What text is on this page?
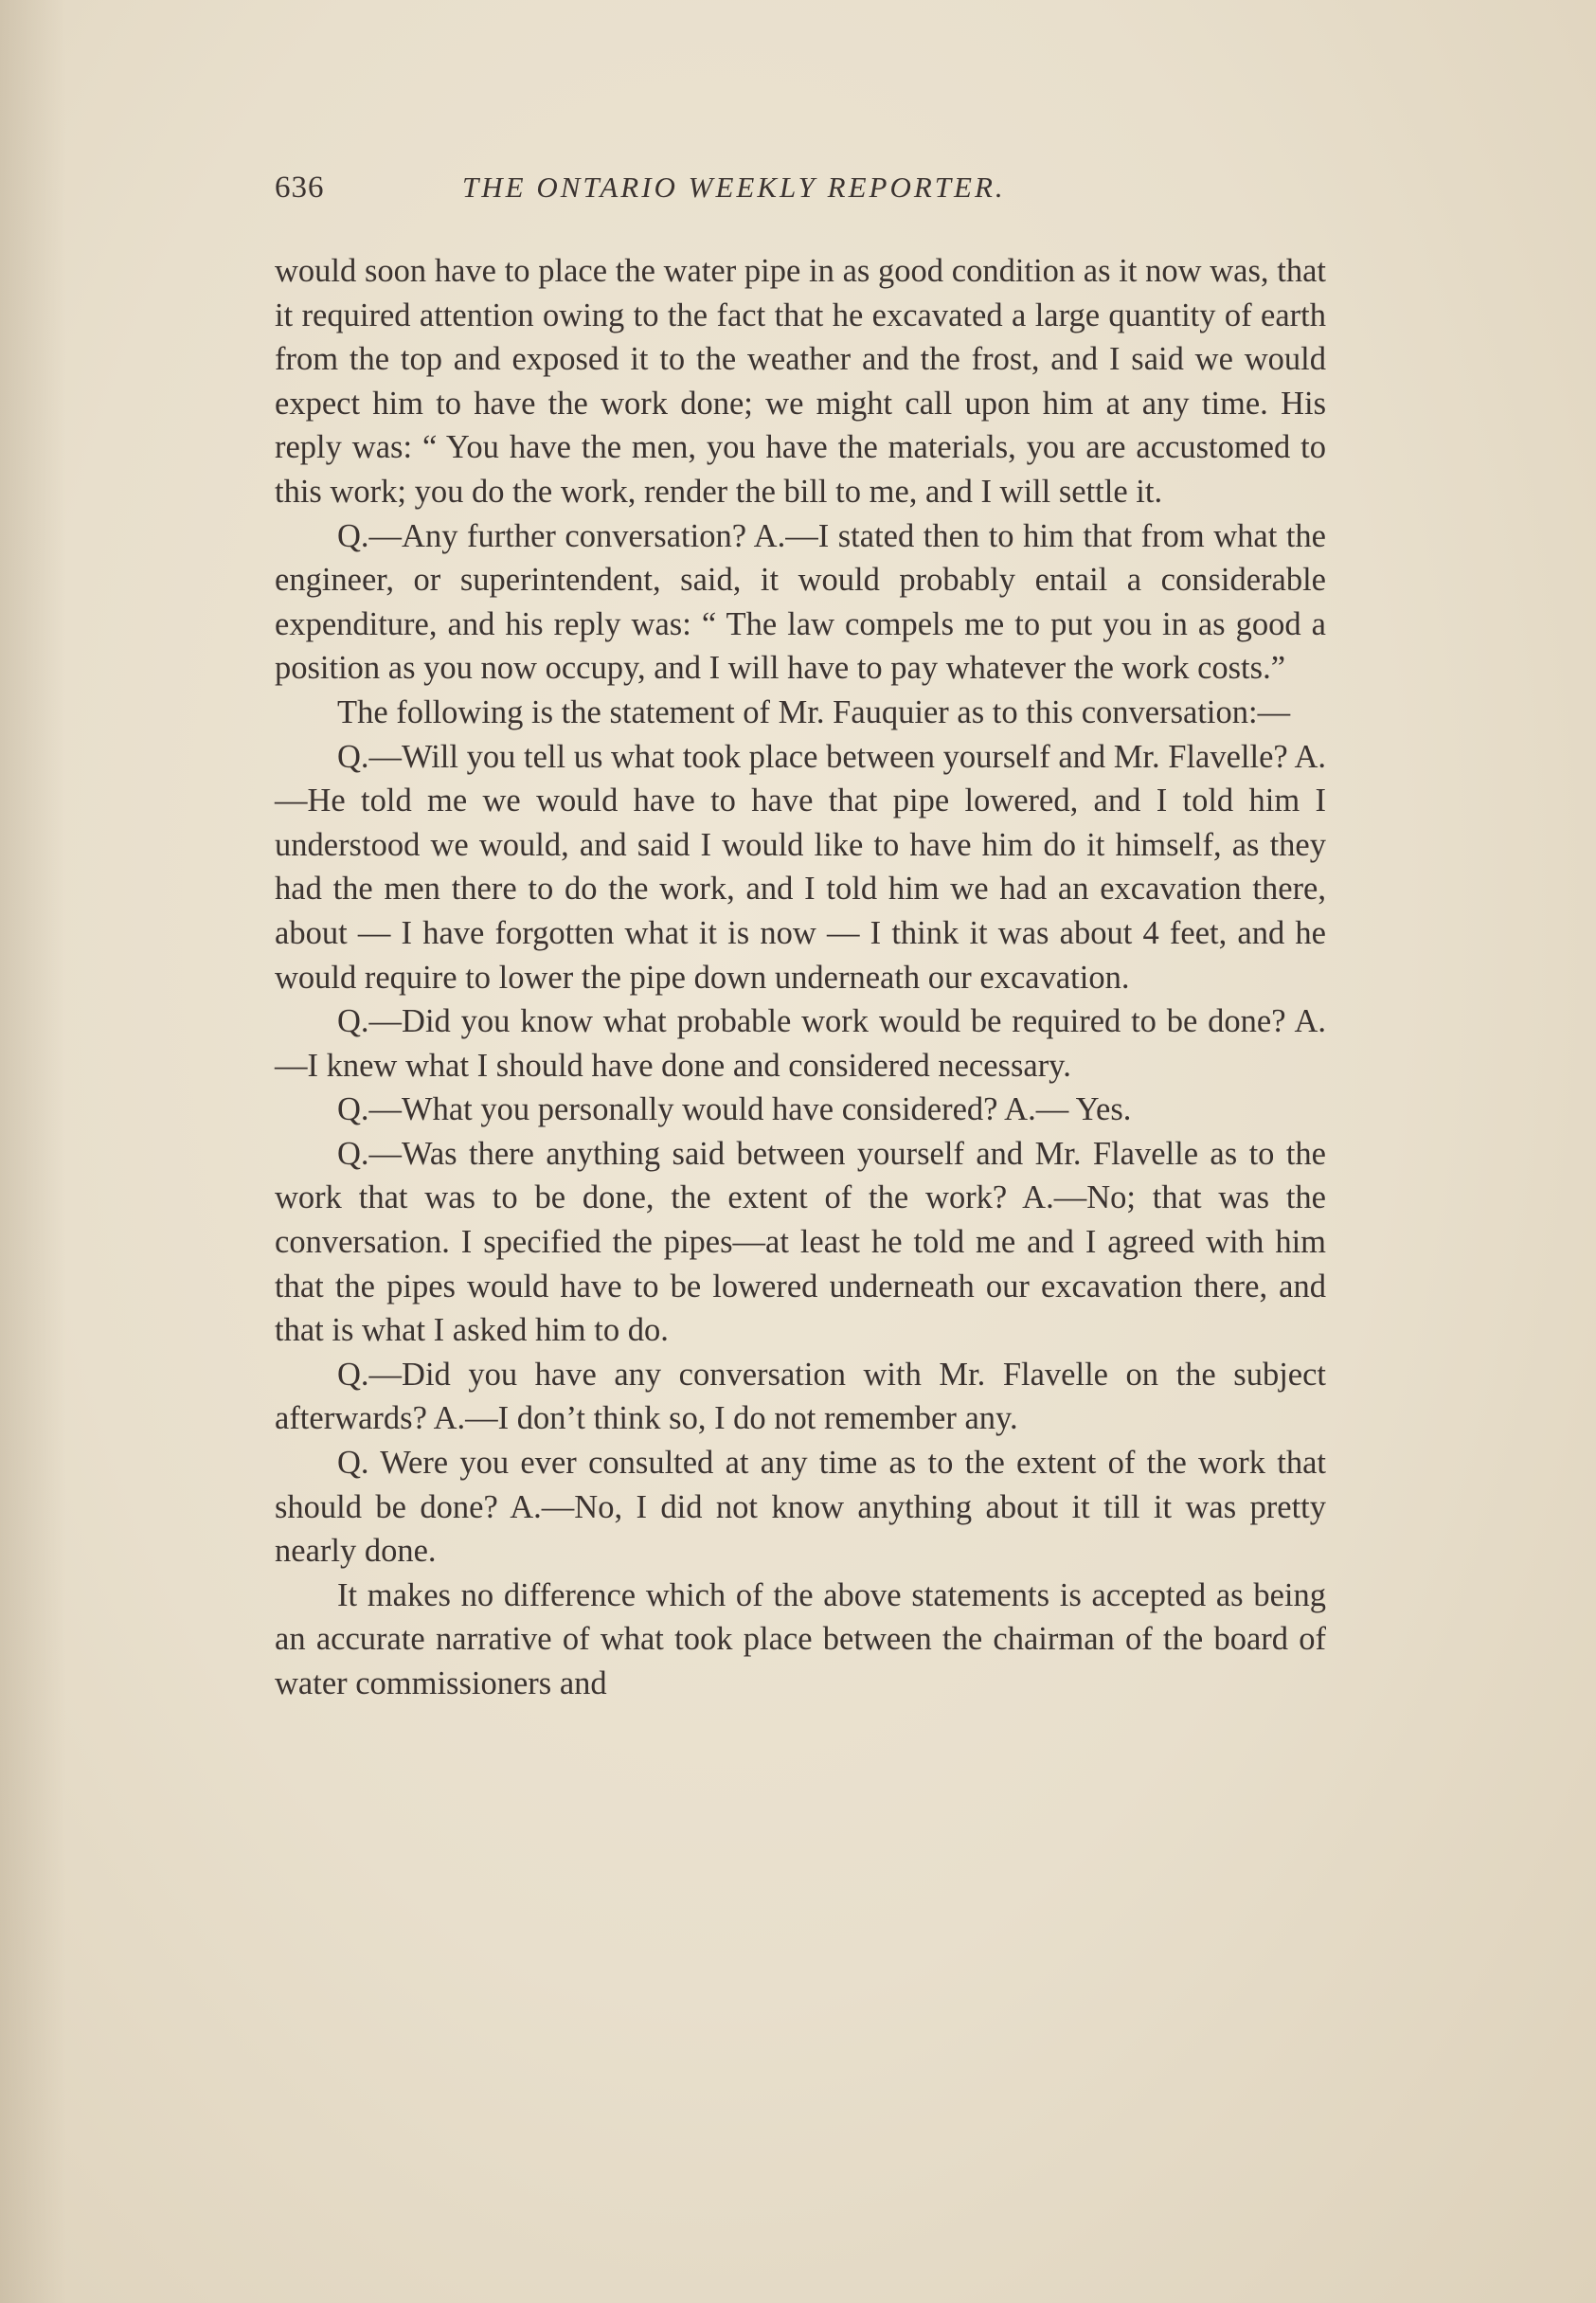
636	THE ONTARIO WEEKLY REPORTER.

would soon have to place the water pipe in as good condition as it now was, that it required attention owing to the fact that he excavated a large quantity of earth from the top and exposed it to the weather and the frost, and I said we would expect him to have the work done; we might call upon him at any time. His reply was: “ You have the men, you have the materials, you are accustomed to this work; you do the work, render the bill to me, and I will settle it.

Q.—Any further conversation? A.—I stated then to him that from what the engineer, or superintendent, said, it would probably entail a considerable expenditure, and his reply was: “ The law compels me to put you in as good a position as you now occupy, and I will have to pay whatever the work costs.”

The following is the statement of Mr. Fauquier as to this conversation:—

Q.—Will you tell us what took place between yourself and Mr. Flavelle? A.—He told me we would have to have that pipe lowered, and I told him I understood we would, and said I would like to have him do it himself, as they had the men there to do the work, and I told him we had an excavation there, about — I have forgotten what it is now — I think it was about 4 feet, and he would require to lower the pipe down underneath our excavation.

Q.—Did you know what probable work would be required to be done? A.—I knew what I should have done and considered necessary.

Q.—What you personally would have considered? A.— Yes.

Q.—Was there anything said between yourself and Mr. Flavelle as to the work that was to be done, the extent of the work? A.—No; that was the conversation. I specified the pipes—at least he told me and I agreed with him that the pipes would have to be lowered underneath our excavation there, and that is what I asked him to do.

Q.—Did you have any conversation with Mr. Flavelle on the subject afterwards? A.—I don’t think so, I do not remember any.

Q. Were you ever consulted at any time as to the extent of the work that should be done? A.—No, I did not know anything about it till it was pretty nearly done.

It makes no difference which of the above statements is accepted as being an accurate narrative of what took place between the chairman of the board of water commissioners and
